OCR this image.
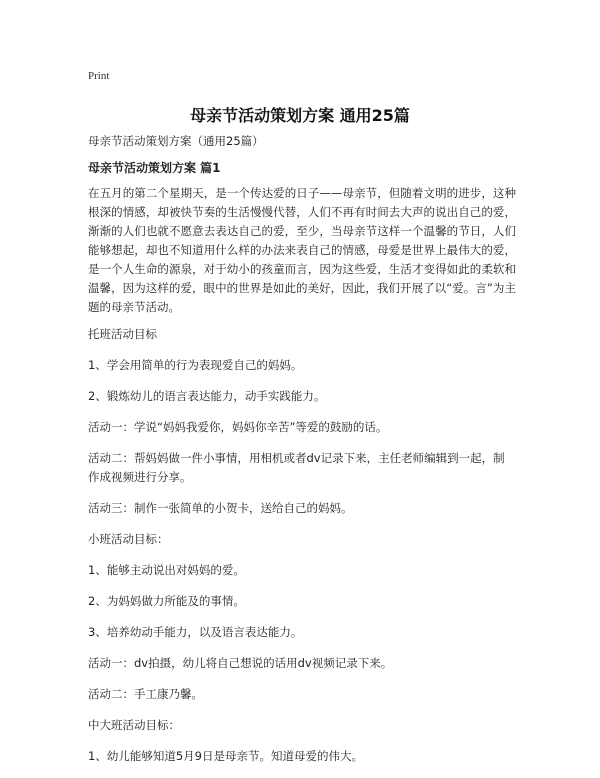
Print
母亲节活动策划方案 通用25篇

母亲节活动策划方案（通用25篇）

母亲节活动策划方案 篇1

在五月的第二个星期天，是一个传达爱的日子——母亲节，但随着文明的进步，这种根深的情感，却被快节奏的生活慢慢代替，人们不再有时间去大声的说出自己的爱，渐渐的人们也就不愿意去表达自己的爱，至少，当母亲节这样一个温馨的节日，人们能够想起，却也不知道用什么样的办法来表自己的情感，母爱是世界上最伟大的爱，是一个人生命的源泉，对于幼小的孩童而言，因为这些爱，生活才变得如此的柔软和温馨，因为这样的爱，眼中的世界是如此的美好，因此，我们开展了以“爱。言”为主题的母亲节活动。

托班活动目标

1、学会用简单的行为表现爱自己的妈妈。

2、锻炼幼儿的语言表达能力，动手实践能力。

活动一：学说“妈妈我爱你，妈妈你辛苦”等爱的鼓励的话。

活动二：帮妈妈做一件小事情，用相机或者dv记录下来，主任老师编辑到一起，制作成视频进行分享。

活动三：制作一张简单的小贺卡，送给自己的妈妈。

小班活动目标：

1、能够主动说出对妈妈的爱。

2、为妈妈做力所能及的事情。

3、培养幼动手能力，以及语言表达能力。

活动一：dv拍摄，幼儿将自己想说的话用dv视频记录下来。

活动二：手工康乃馨。

中大班活动目标：

1、幼儿能够知道5月9日是母亲节。知道母爱的伟大。
